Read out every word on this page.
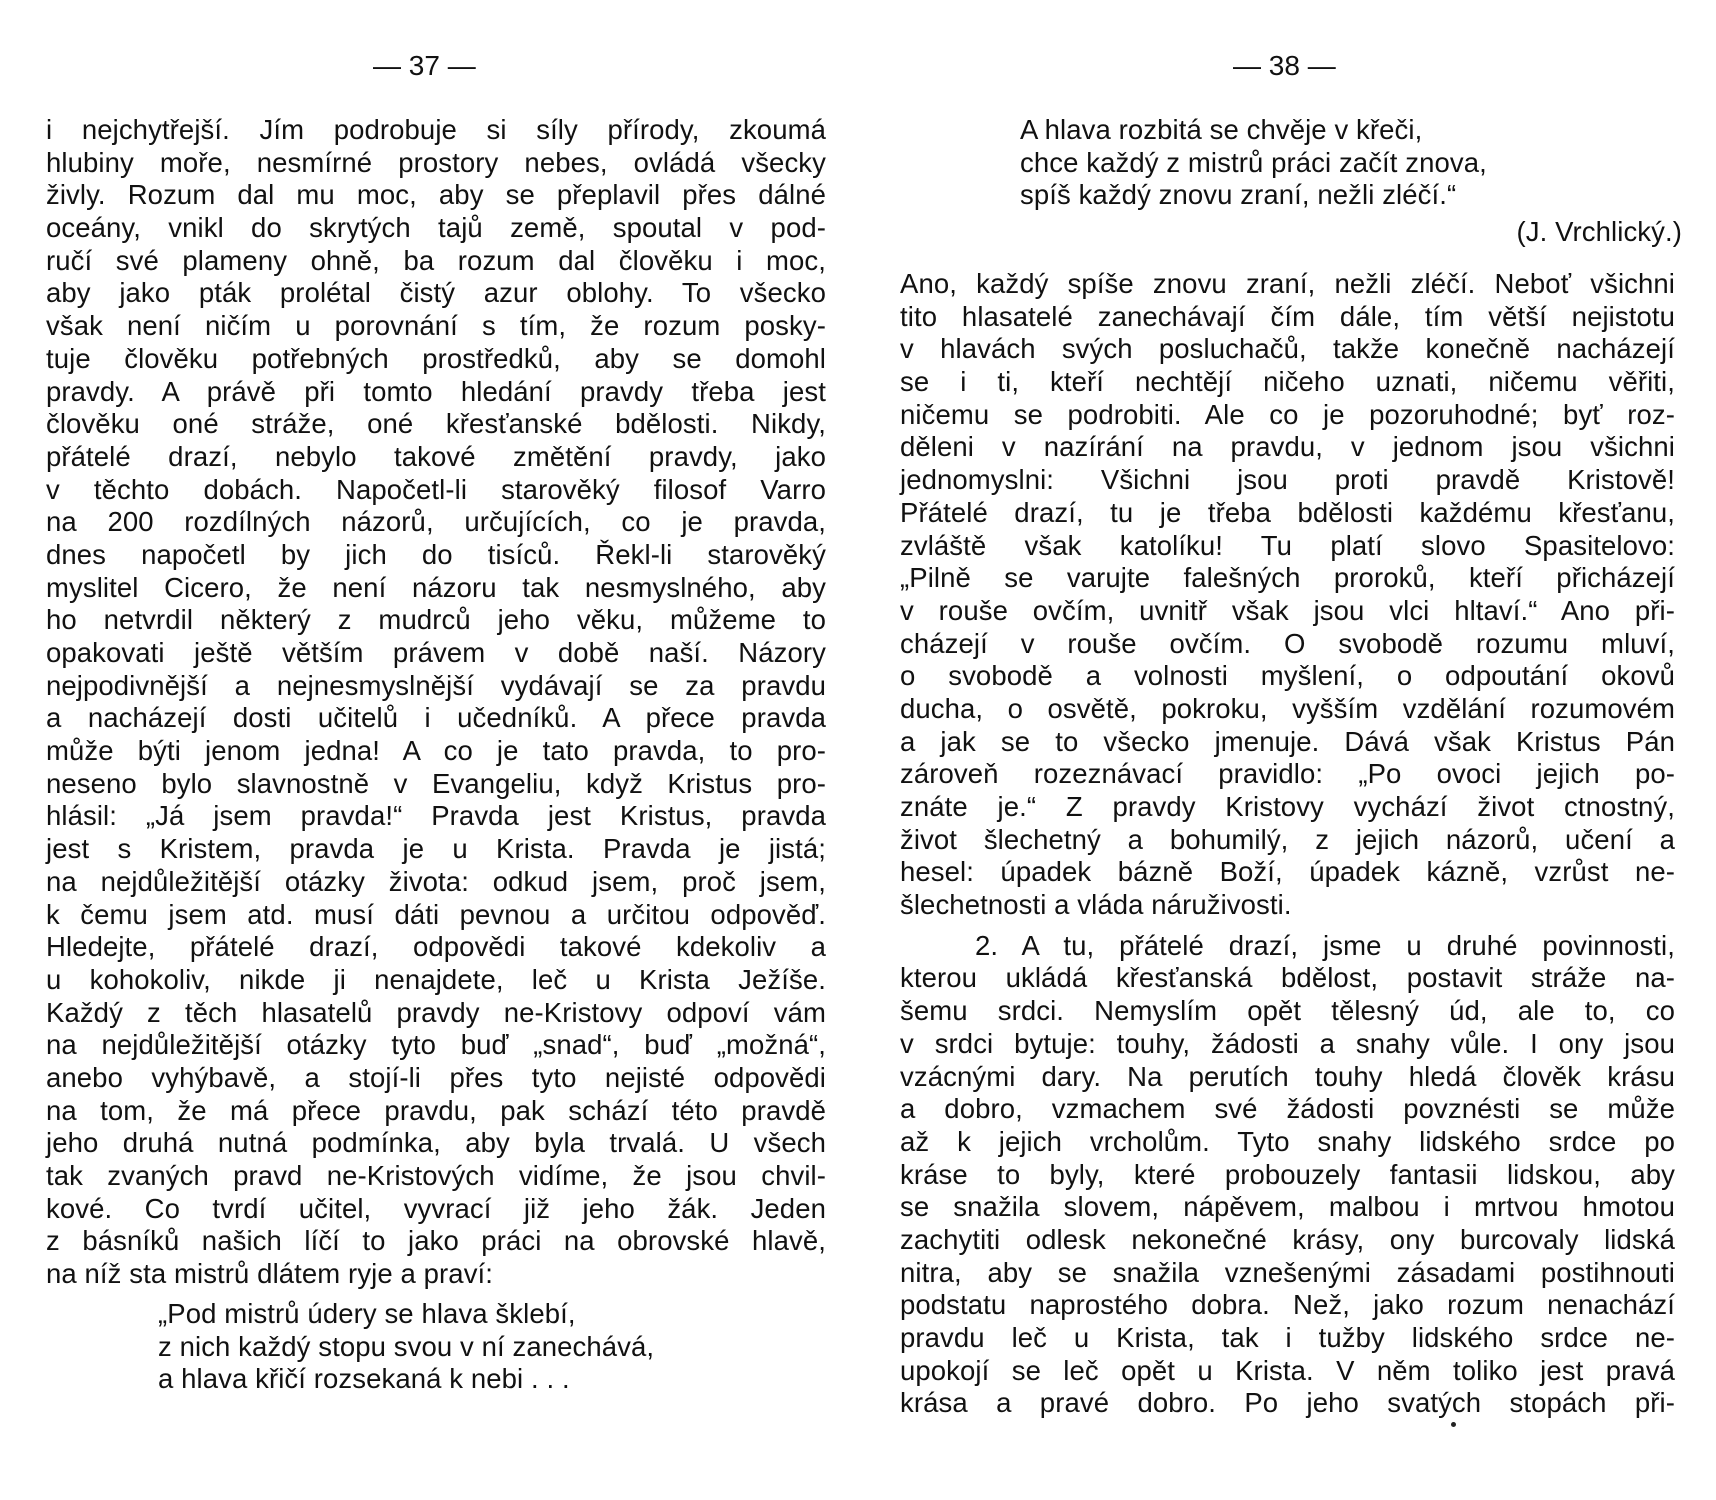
— 37 —
i nejchytřejší. Jím podrobuje si síly přírody, zkoumá
hlubiny moře, nesmírné prostory nebes, ovládá všecky
živly. Rozum dal mu moc, aby se přeplavil přes dálné
oceány, vnikl do skrytých tajů země, spoutal v pod-
ručí své plameny ohně, ba rozum dal člověku i moc,
aby jako pták prolétal čistý azur oblohy. To všecko
však není ničím u porovnání s tím, že rozum posky-
tuje člověku potřebných prostředků, aby se domohl
pravdy. A právě při tomto hledání pravdy třeba jest
člověku oné stráže, oné křesťanské bdělosti. Nikdy,
přátelé drazí, nebylo takové změtění pravdy, jako
v těchto dobách. Napočetl-li starověký filosof Varro
na 200 rozdílných názorů, určujících, co je pravda,
dnes napočetl by jich do tisíců. Řekl-li starověký
myslitel Cicero, že není názoru tak nesmyslného, aby
ho netvrdil některý z mudrců jeho věku, můžeme to
opakovati ještě větším právem v době naší. Názory
nejpodivnější a nejnesmyslnější vydávají se za pravdu
a nacházejí dosti učitelů i učedníků. A přece pravda
může býti jenom jedna! A co je tato pravda, to pro-
neseno bylo slavnostně v Evangeliu, když Kristus pro-
hlásil: „Já jsem pravda!“ Pravda jest Kristus, pravda
jest s Kristem, pravda je u Krista. Pravda je jistá;
na nejdůležitější otázky života: odkud jsem, proč jsem,
k čemu jsem atd. musí dáti pevnou a určitou odpověď.
Hledejte, přátelé drazí, odpovědi takové kdekoliv a
u kohokoliv, nikde ji nenajdete, leč u Krista Ježíše.
Každý z těch hlasatelů pravdy ne-Kristovy odpoví vám
na nejdůležitější otázky tyto buď „snad“, buď „možná“,
anebo vyhýbavě, a stojí-li přes tyto nejisté odpovědi
na tom, že má přece pravdu, pak schází této pravdě
jeho druhá nutná podmínka, aby byla trvalá. U všech
tak zvaných pravd ne-Kristových vidíme, že jsou chvil-
kové. Co tvrdí učitel, vyvrací již jeho žák. Jeden
z básníků našich líčí to jako práci na obrovské hlavě,
na níž sta mistrů dlátem ryje a praví:
„Pod mistrů údery se hlava šklebí,
z nich každý stopu svou v ní zanechává,
a hlava křičí rozsekaná k nebi . . .
— 38 —
A hlava rozbitá se chvěje v křeči,
chce každý z mistrů práci začít znova,
spíš každý znovu zraní, nežli zléčí.“
(J. Vrchlický.)
Ano, každý spíše znovu zraní, nežli zléčí. Neboť všichni
tito hlasatelé zanechávají čím dále, tím větší nejistotu
v hlavách svých posluchačů, takže konečně nacházejí
se i ti, kteří nechtějí ničeho uznati, ničemu věřiti,
ničemu se podrobiti. Ale co je pozoruhodné; byť roz-
děleni v nazírání na pravdu, v jednom jsou všichni
jednomyslni: Všichni jsou proti pravdě Kristově!
Přátelé drazí, tu je třeba bdělosti každému křesťanu,
zvláště však katolíku! Tu platí slovo Spasitelovo:
„Pilně se varujte falešných proroků, kteří přicházejí
v rouše ovčím, uvnitř však jsou vlci hltaví.“ Ano při-
cházejí v rouše ovčím. O svobodě rozumu mluví,
o svobodě a volnosti myšlení, o odpoutání okovů
ducha, o osvětě, pokroku, vyšším vzdělání rozumovém
a jak se to všecko jmenuje. Dává však Kristus Pán
zároveň rozeznávací pravidlo: „Po ovoci jejich po-
znáte je.“ Z pravdy Kristovy vychází život ctnostný,
život šlechetný a bohumilý, z jejich názorů, učení a
hesel: úpadek bázně Boží, úpadek kázně, vzrůst ne-
šlechetnosti a vláda náruživosti.
2. A tu, přátelé drazí, jsme u druhé povinnosti,
kterou ukládá křesťanská bdělost, postavit stráže na-
šemu srdci. Nemyslím opět tělesný úd, ale to, co
v srdci bytuje: touhy, žádosti a snahy vůle. I ony jsou
vzácnými dary. Na perutích touhy hledá člověk krásu
a dobro, vzmachem své žádosti povznésti se může
až k jejich vrcholům. Tyto snahy lidského srdce po
kráse to byly, které probouzely fantasii lidskou, aby
se snažila slovem, nápěvem, malbou i mrtvou hmotou
zachytiti odlesk nekonečné krásy, ony burcovaly lidská
nitra, aby se snažila vznešenými zásadami postihnouti
podstatu naprostého dobra. Než, jako rozum nenachází
pravdu leč u Krista, tak i tužby lidského srdce ne-
upokojí se leč opět u Krista. V něm toliko jest pravá
krása a pravé dobro. Po jeho svatých stopách při-
